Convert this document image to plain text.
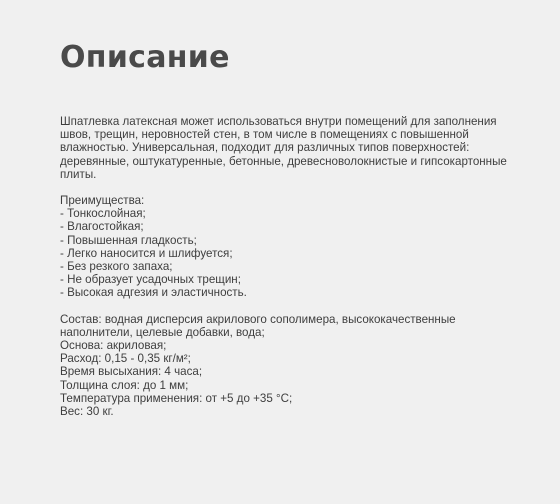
Описание

Шпатлевка латексная может использоваться внутри помещений для заполнения
швов, трещин, неровностей стен, в том числе в помещениях с повышенной
влажностью. Универсальная, подходит для различных типов поверхностей:
деревянные, оштукатуренные, бетонные, древесноволокнистые и гипсокартонные
плиты.

Преимущества:
- Тонкослойная;
- Влагостойкая;
- Повышенная гладкость;
- Легко наносится и шлифуется;
- Без резкого запаха;
- Не образует усадочных трещин;
- Высокая адгезия и эластичность.

Состав: водная дисперсия акрилового сополимера, высококачественные
наполнители, целевые добавки, вода;
Основа: акриловая;
Расход: 0,15 - 0,35 кг/м²;
Время высыхания: 4 часа;
Толщина слоя: до 1 мм;
Температура применения: от +5 до +35 °С;
Вес: 30 кг.
